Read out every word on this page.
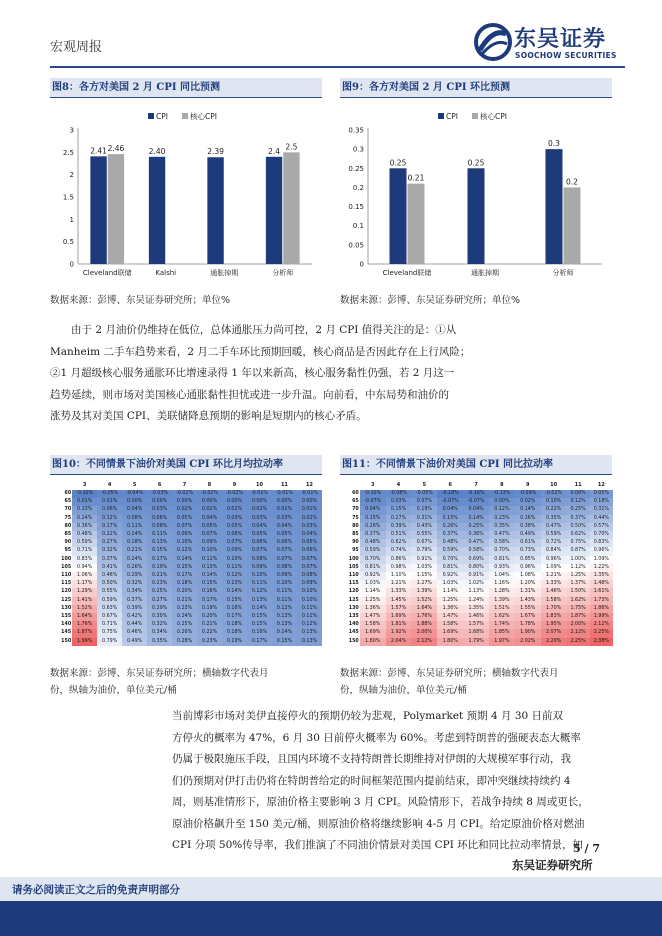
宏观周报	东吴证券
SOOCHOW SECURITIES
图8：各方对美国 2 月 CPI 同比预测
CPI	核心CPI
0
0.5
1
1.5
2
2.5
3
2.41 2.46
Cleveland联储
2.40
Kalshi
2.39
通胀掉期
2.4 2.5
分析师
数据来源：彭博、东吴证券研究所；单位%
图9：各方对美国 2 月 CPI 环比预测
CPI	核心CPI
0
0.05
0.1
0.15
0.2
0.25
0.3
0.35
0.25
0.21
Cleveland联储
0.25
通胀掉期
0.3
0.2
分析师
数据来源：彭博、东吴证券研究所；单位%
由于 2 月油价仍维持在低位，总体通胀压力尚可控，2 月 CPI 值得关注的是：①从
Manheim 二手车趋势来看，2 月二手车环比预期回暖，核心商品是否因此存在上行风险；
②1 月超级核心服务通胀环比增速录得 1 年以来新高，核心服务黏性仍强，若 2 月这一
趋势延续，则市场对美国核心通胀黏性担忧或进一步升温。向前看，中东局势和油价的
涨势及其对美国 CPI、美联储降息预期的影响是短期内的核心矛盾。
图10：不同情景下油价对美国 CPI 环比月均拉动率
	3	4	5	6	7	8	9	10	11	12
60	-0.10%	-0.05%	-0.04%	-0.03%	-0.02%	-0.02%	-0.02%	-0.01%	-0.01%	-0.01%
65	0.01%	0.01%	0.00%	0.00%	0.00%	0.00%	0.00%	0.00%	0.00%	0.00%
70	0.13%	0.06%	0.04%	0.03%	0.02%	0.02%	0.02%	0.02%	0.01%	0.01%
75	0.24%	0.12%	0.08%	0.06%	0.05%	0.04%	0.03%	0.03%	0.03%	0.02%
80	0.36%	0.17%	0.11%	0.08%	0.07%	0.05%	0.05%	0.04%	0.04%	0.03%
85	0.48%	0.22%	0.14%	0.11%	0.09%	0.07%	0.06%	0.05%	0.05%	0.04%
90	0.59%	0.27%	0.18%	0.13%	0.10%	0.09%	0.07%	0.06%	0.06%	0.05%
95	0.71%	0.32%	0.21%	0.15%	0.12%	0.10%	0.09%	0.07%	0.07%	0.06%
100	0.83%	0.37%	0.24%	0.17%	0.14%	0.11%	0.10%	0.08%	0.07%	0.07%
105	0.94%	0.41%	0.26%	0.19%	0.15%	0.13%	0.11%	0.09%	0.08%	0.07%
110	1.06%	0.46%	0.29%	0.21%	0.17%	0.14%	0.12%	0.10%	0.09%	0.08%
115	1.17%	0.50%	0.32%	0.23%	0.18%	0.15%	0.13%	0.11%	0.10%	0.09%
120	1.29%	0.55%	0.34%	0.25%	0.20%	0.16%	0.14%	0.12%	0.11%	0.10%
125	1.41%	0.59%	0.37%	0.27%	0.21%	0.17%	0.15%	0.13%	0.11%	0.10%
130	1.52%	0.63%	0.39%	0.29%	0.23%	0.19%	0.16%	0.14%	0.12%	0.11%
135	1.64%	0.67%	0.42%	0.30%	0.24%	0.20%	0.17%	0.15%	0.13%	0.11%
140	1.76%	0.71%	0.44%	0.32%	0.25%	0.21%	0.18%	0.15%	0.13%	0.12%
145	1.87%	0.75%	0.46%	0.34%	0.26%	0.22%	0.18%	0.16%	0.14%	0.13%
150	1.99%	0.79%	0.49%	0.35%	0.28%	0.23%	0.19%	0.17%	0.15%	0.13%
数据来源：彭博、东吴证券研究所；横轴数字代表月
份，纵轴为油价，单位美元/桶
图11：不同情景下油价对美国 CPI 同比拉动率
	3	4	5	6	7	8	9	10	11	12
60	-0.10%	-0.08%	-0.05%	-0.18%	-0.16%	-0.13%	-0.09%	-0.02%	0.00%	0.05%
65	-0.07%	0.03%	0.07%	-0.07%	-0.07%	0.00%	0.02%	0.10%	0.12%	0.18%
70	0.04%	0.15%	0.19%	0.04%	0.04%	0.12%	0.14%	0.22%	0.25%	0.31%
75	0.15%	0.27%	0.31%	0.15%	0.14%	0.23%	0.26%	0.35%	0.37%	0.44%
80	0.26%	0.39%	0.43%	0.26%	0.25%	0.35%	0.38%	0.47%	0.50%	0.57%
85	0.37%	0.51%	0.55%	0.37%	0.36%	0.47%	0.49%	0.59%	0.62%	0.70%
90	0.48%	0.62%	0.67%	0.48%	0.47%	0.58%	0.61%	0.72%	0.75%	0.83%
95	0.59%	0.74%	0.79%	0.59%	0.58%	0.70%	0.73%	0.84%	0.87%	0.96%
100	0.70%	0.86%	0.91%	0.70%	0.69%	0.81%	0.85%	0.96%	1.00%	1.09%
105	0.81%	0.98%	1.03%	0.81%	0.80%	0.93%	0.96%	1.09%	1.12%	1.22%
110	0.92%	1.10%	1.15%	0.92%	0.91%	1.04%	1.08%	1.21%	1.25%	1.35%
115	1.03%	1.21%	1.27%	1.03%	1.02%	1.16%	1.20%	1.33%	1.37%	1.48%
120	1.14%	1.33%	1.39%	1.14%	1.13%	1.28%	1.31%	1.46%	1.50%	1.61%
125	1.25%	1.45%	1.52%	1.25%	1.24%	1.39%	1.43%	1.58%	1.62%	1.73%
130	1.36%	1.57%	1.64%	1.36%	1.35%	1.51%	1.55%	1.70%	1.75%	1.86%
135	1.47%	1.69%	1.76%	1.47%	1.46%	1.62%	1.67%	1.83%	1.87%	1.99%
140	1.58%	1.81%	1.88%	1.58%	1.57%	1.74%	1.78%	1.95%	2.00%	2.12%
145	1.69%	1.92%	2.00%	1.69%	1.68%	1.85%	1.90%	2.07%	2.12%	2.25%
150	1.80%	2.04%	2.12%	1.80%	1.79%	1.97%	2.02%	2.20%	2.25%	2.38%
数据来源：彭博、东吴证券研究所；横轴数字代表月
份，纵轴为油价，单位美元/桶
当前博彩市场对美伊直接停火的预期仍较为悲观，Polymarket 预期 4 月 30 日前双
方停火的概率为 47%，6 月 30 日前停火概率为 60%。考虑到特朗普的强硬表态大概率
仍属于极限施压手段，且国内环境不支持特朗普长期维持对伊朗的大规模军事行动，我
们仍预期对伊打击仍将在特朗普给定的时间框架范围内提前结束，即冲突继续持续约 4
周，则基准情形下，原油价格主要影响 3 月 CPI。风险情形下，若战争持续 8 周或更长，
原油价格飙升至 150 美元/桶，则原油价格将继续影响 4-5 月 CPI。给定原油价格对燃油
CPI 分项 50%传导率，我们推演了不同油价情景对美国 CPI 环比和同比拉动率情景，如
5 / 7
东吴证券研究所
请务必阅读正文之后的免责声明部分
